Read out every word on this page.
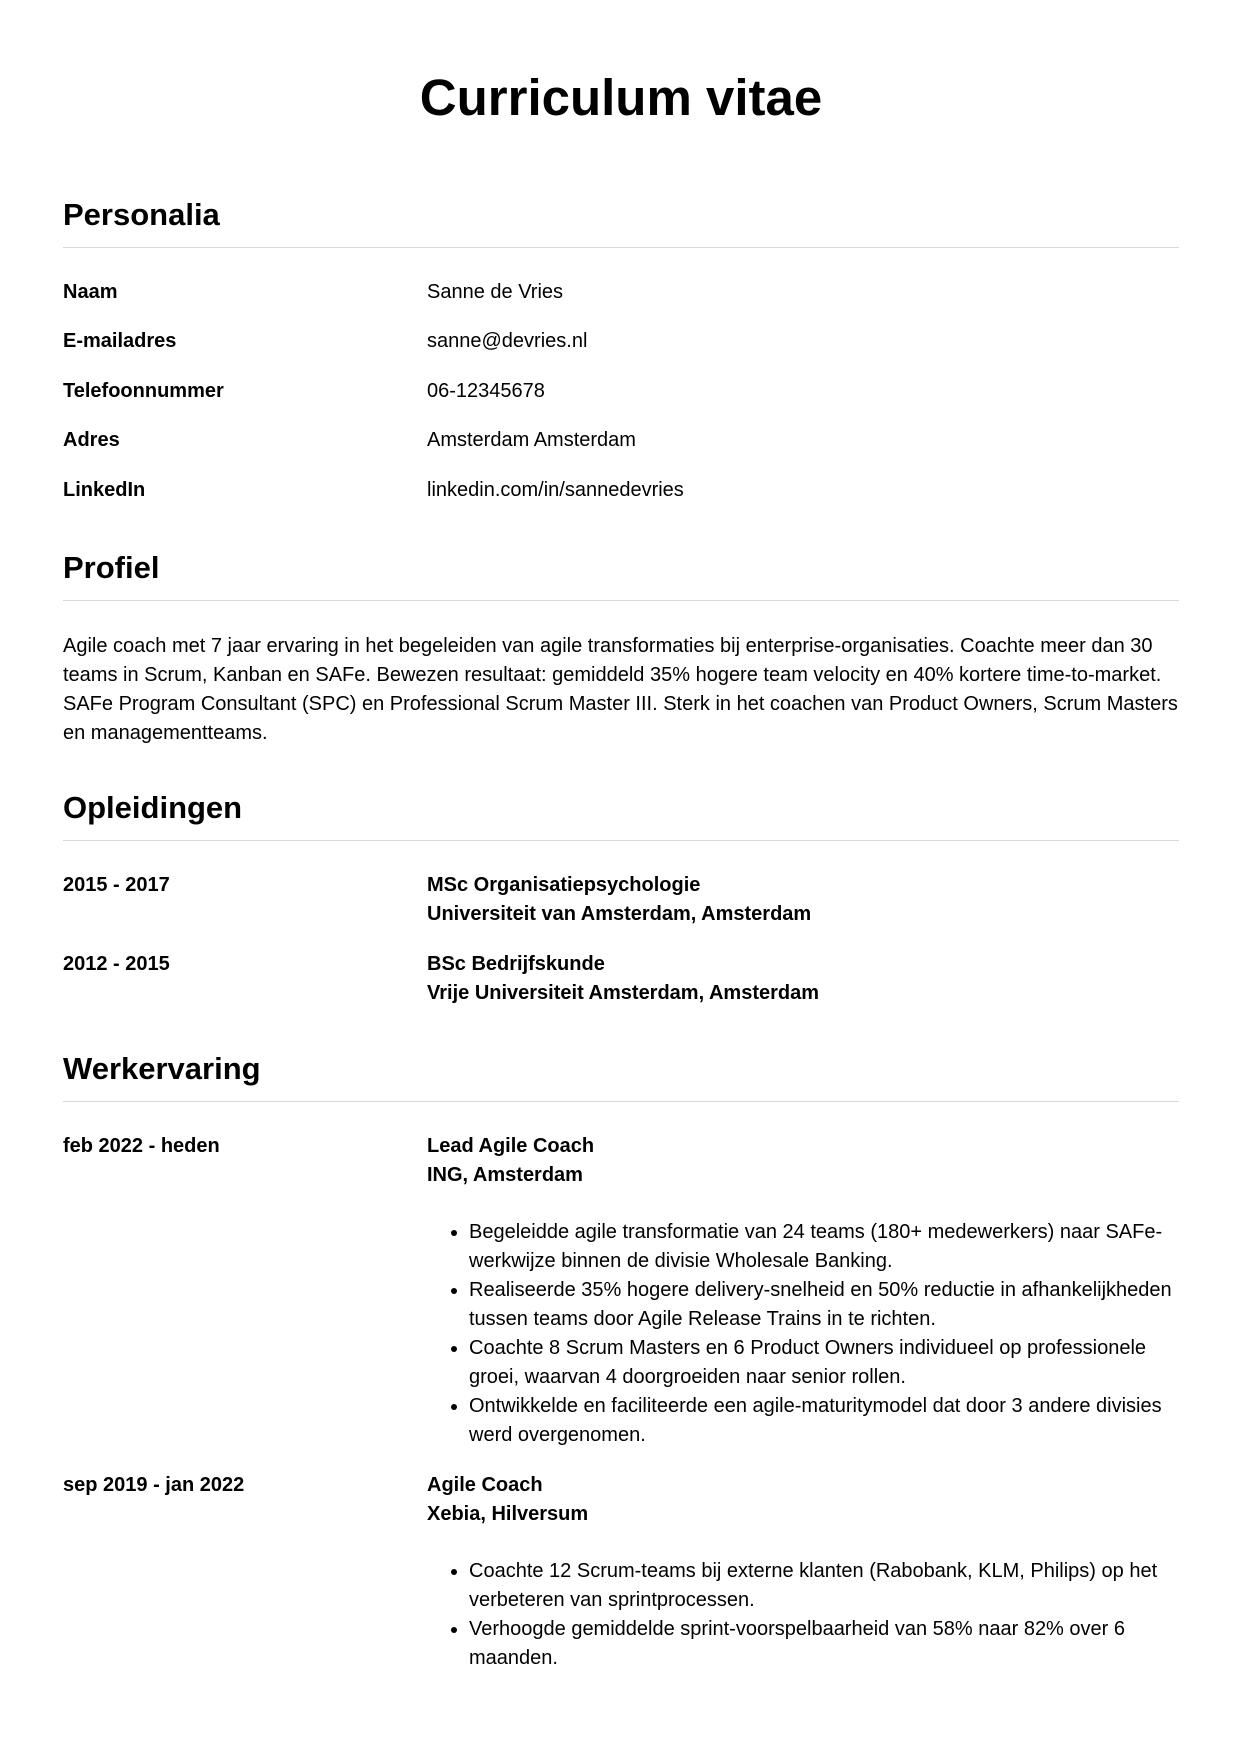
Curriculum vitae
Personalia
Naam	Sanne de Vries
E-mailadres	sanne@devries.nl
Telefoonnummer	06-12345678
Adres	Amsterdam Amsterdam
LinkedIn	linkedin.com/in/sannedevries
Profiel

Agile coach met 7 jaar ervaring in het begeleiden van agile transformaties bij enterprise-organisaties. Coachte meer dan 30 teams in Scrum, Kanban en SAFe. Bewezen resultaat: gemiddeld 35% hogere team velocity en 40% kortere time-to-market. SAFe Program Consultant (SPC) en Professional Scrum Master III. Sterk in het coachen van Product Owners, Scrum Masters en managementteams.

Opleidingen
2015 - 2017	MSc Organisatiepsychologie
Universiteit van Amsterdam, Amsterdam
2012 - 2015	BSc Bedrijfskunde
Vrije Universiteit Amsterdam, Amsterdam
Werkervaring
feb 2022 - heden	Lead Agile Coach
ING, Amsterdam
• Begeleidde agile transformatie van 24 teams (180+ medewerkers) naar SAFe-werkwijze binnen de divisie Wholesale Banking.
• Realiseerde 35% hogere delivery-snelheid en 50% reductie in afhankelijkheden tussen teams door Agile Release Trains in te richten.
• Coachte 8 Scrum Masters en 6 Product Owners individueel op professionele groei, waarvan 4 doorgroeiden naar senior rollen.
• Ontwikkelde en faciliteerde een agile-maturitymodel dat door 3 andere divisies werd overgenomen.
sep 2019 - jan 2022	Agile Coach
Xebia, Hilversum
• Coachte 12 Scrum-teams bij externe klanten (Rabobank, KLM, Philips) op het verbeteren van sprintprocessen.
• Verhoogde gemiddelde sprint-voorspelbaarheid van 58% naar 82% over 6 maanden.
